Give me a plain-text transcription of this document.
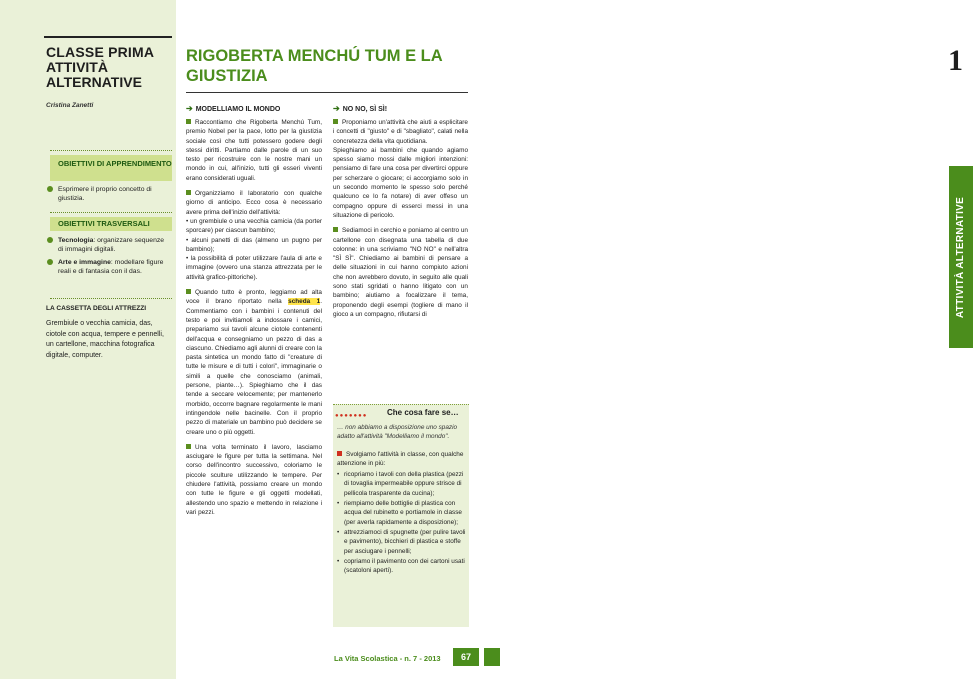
CLASSE PRIMA
ATTIVITÀ ALTERNATIVE
Cristina Zanetti
OBIETTIVI DI APPRENDIMENTO
Esprimere il proprio concetto di giustizia.
OBIETTIVI TRASVERSALI
Tecnologia: organizzare sequenze di immagini digitali.
Arte e immagine: modellare figure reali e di fantasia con il das.
LA CASSETTA DEGLI ATTREZZI
Grembiule o vecchia camicia, das, ciotole con acqua, tempere e pennelli, un cartellone, macchina fotografica digitale, computer.
RIGOBERTA MENCHÚ TUM E LA GIUSTIZIA
➔ MODELLIAMO IL MONDO

Raccontiamo che Rigoberta Menchú Tum, premio Nobel per la pace, lotto per la giustizia sociale così che tutti potessero godere degli stessi diritti. Partiamo dalle parole di un suo testo per ricostruire con le nostre mani un mondo in cui, all'inizio, tutti gli esseri viventi erano considerati uguali.

Organizziamo il laboratorio con qualche giorno di anticipo. Ecco cosa è necessario avere prima dell'inizio dell'attività:
• un grembiule o una vecchia camicia (da porter sporcare) per ciascun bambino;
• alcuni panetti di das (almeno un pugno per bambino);
• la possibilità di poter utilizzare l'aula di arte e immagine (ovvero una stanza attrezzata per le attività grafico-pittoriche).

Quando tutto è pronto, leggiamo ad alta voce il brano riportato nella scheda 1. Commentiamo con i bambini i contenuti del testo e poi invitiamoli a indossare i camici, prepariamo sui tavoli alcune ciotole contenenti dell'acqua e consegniamo un pezzo di das a ciascuno. Chiediamo agli alunni di creare con la pasta sintetica un mondo fatto di "creature di tutte le misure e di tutti i colori", immaginarie o simili a quelle che conosciamo (animali, persone, piante…). Spieghiamo che il das tende a seccare velocemente; per mantenerlo morbido, occorre bagnare regolarmente le mani intingendole nelle bacinelle. Con il proprio pezzo di materiale un bambino può decidere se creare uno o più oggetti.

Una volta terminato il lavoro, lasciamo asciugare le figure per tutta la settimana. Nel corso dell'incontro successivo, coloriamo le piccole sculture utilizzando le tempere. Per chiudere l'attività, possiamo creare un mondo con tutte le figure e gli oggetti modellati, allestendo uno spazio e mettendo in relazione i vari pezzi.

➔ NO NO, SÌ SÌ!

Proponiamo un'attività che aiuti a esplicitare i concetti di "giusto" e di "sbagliato", calati nella concretezza della vita quotidiana.

Spieghiamo ai bambini che quando agiamo spesso siamo mossi dalle migliori intenzioni: pensiamo di fare una cosa per divertirci oppure per scherzare o giocare; ci accorgiamo solo in un secondo momento le spesso solo perché qualcuno ce lo fa notare) di aver offeso un compagno oppure di esserci messi in una situazione di pericolo.

Sediamoci in cerchio e poniamo al centro un cartellone con disegnata una tabella di due colonne: in una scriviamo "NO NO" e nell'altra "SÌ SÌ". Chiediamo ai bambini di pensare a delle situazioni in cui hanno compiuto azioni che non avrebbero dovuto, in seguito alle quali sono stati sgridati o hanno litigato con un bambino; aiutiamo a focalizzare il tema, proponendo degli esempi (togliere di mano il gioco a un compagno, rifiutarsi di

●●●●●●● Che cosa fare se…

… non abbiamo a disposizione uno spazio adatto all'attività "Modelliamo il mondo".

Svolgiamo l'attività in classe, con qualche attenzione in più:
• ricopriamo i tavoli con della plastica (pezzi di tovaglia impermeabile oppure strisce di pellicola trasparente da cucina);
• riempiamo delle bottiglie di plastica con acqua del rubinetto e portiamole in classe (per averla rapidamente a disposizione);
• attrezziamoci di spugnette (per pulire tavoli e pavimento), bicchieri di plastica e stoffe per asciugare i pennelli;
• copriamo il pavimento con dei cartoni usati (scatoloni aperti).
1
ATTIVITÀ ALTERNATIVE
La Vita Scolastica - n. 7 - 2013	67
